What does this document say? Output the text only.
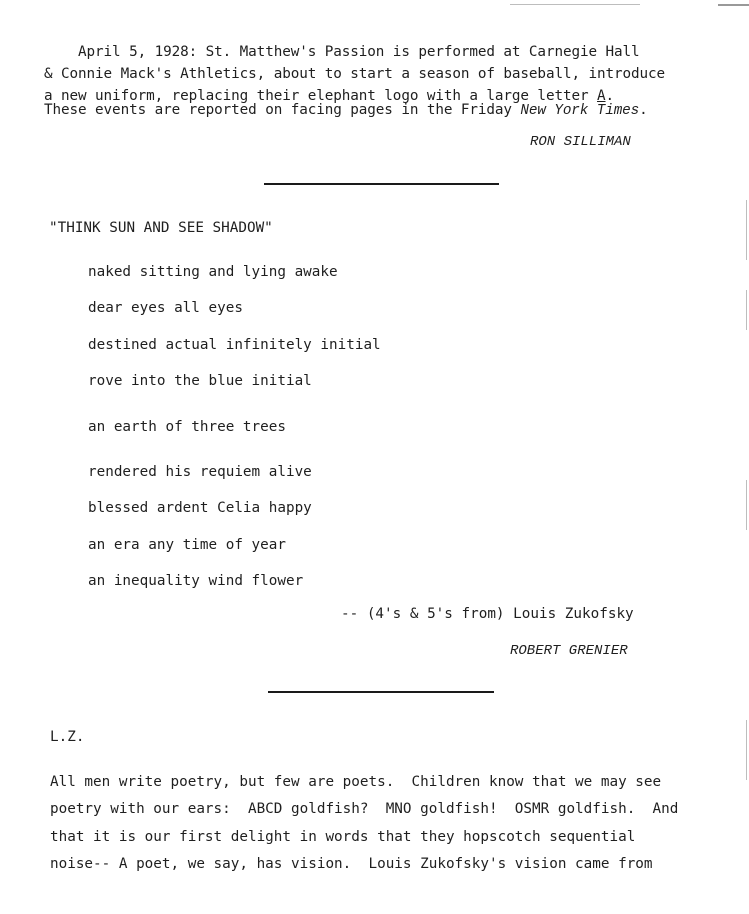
April 5, 1928: St. Matthew's Passion is performed at Carnegie Hall
& Connie Mack's Athletics, about to start a season of baseball, introduce
a new uniform, replacing their elephant logo with a large letter A.
These events are reported on facing pages in the Friday New York Times.
RON SILLIMAN
"THINK SUN AND SEE SHADOW"
naked sitting and lying awake
dear eyes all eyes
destined actual infinitely initial
rove into the blue initial
an earth of three trees
rendered his requiem alive
blessed ardent Celia happy
an era any time of year
an inequality wind flower
-- (4's & 5's from) Louis Zukofsky
ROBERT GRENIER
L.Z.
All men write poetry, but few are poets.  Children know that we may see
poetry with our ears:  ABCD goldfish?  MNO goldfish!  OSMR goldfish.  And
that it is our first delight in words that they hopscotch sequential
noise-- A poet, we say, has vision.  Louis Zukofsky's vision came from
